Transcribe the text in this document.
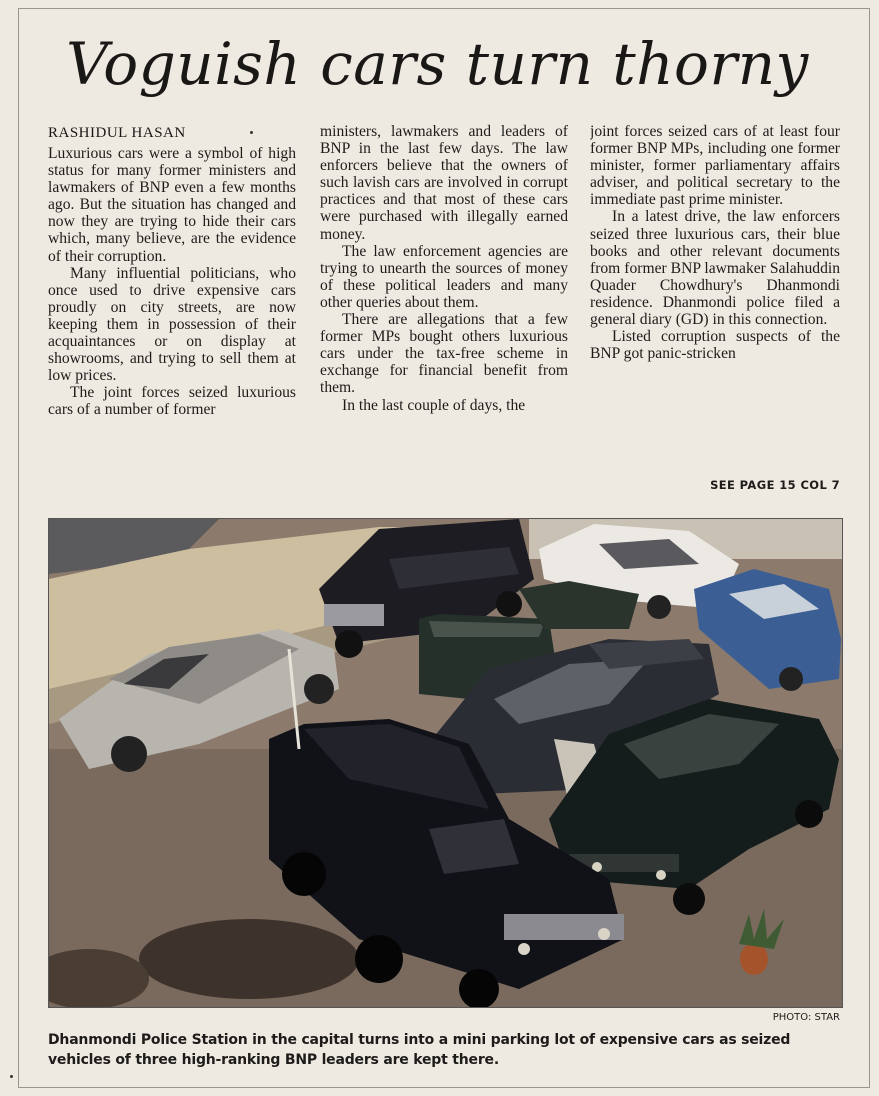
Voguish cars turn thorny

RASHIDUL HASAN

Luxurious cars were a symbol of high status for many former ministers and lawmakers of BNP even a few months ago. But the situation has changed and now they are trying to hide their cars which, many believe, are the evidence of their corruption.

Many influential politicians, who once used to drive expensive cars proudly on city streets, are now keeping them in possession of their acquaintances or on display at showrooms, and trying to sell them at low prices.

The joint forces seized luxurious cars of a number of former

ministers, lawmakers and leaders of BNP in the last few days. The law enforcers believe that the owners of such lavish cars are involved in corrupt practices and that most of these cars were purchased with illegally earned money.

The law enforcement agencies are trying to unearth the sources of money of these political leaders and many other queries about them.

There are allegations that a few former MPs bought others luxurious cars under the tax-free scheme in exchange for financial benefit from them.

In the last couple of days, the

joint forces seized cars of at least four former BNP MPs, including one former minister, former parliamentary affairs adviser, and political secretary to the immediate past prime minister.

In a latest drive, the law enforcers seized three luxurious cars, their blue books and other relevant documents from former BNP lawmaker Salahuddin Quader Chowdhury's Dhanmondi residence. Dhanmondi police filed a general diary (GD) in this connection.

Listed corruption suspects of the BNP got panic-stricken

SEE PAGE 15 COL 7

PHOTO: STAR

Dhanmondi Police Station in the capital turns into a mini parking lot of expensive cars as seized vehicles of three high-ranking BNP leaders are kept there.
